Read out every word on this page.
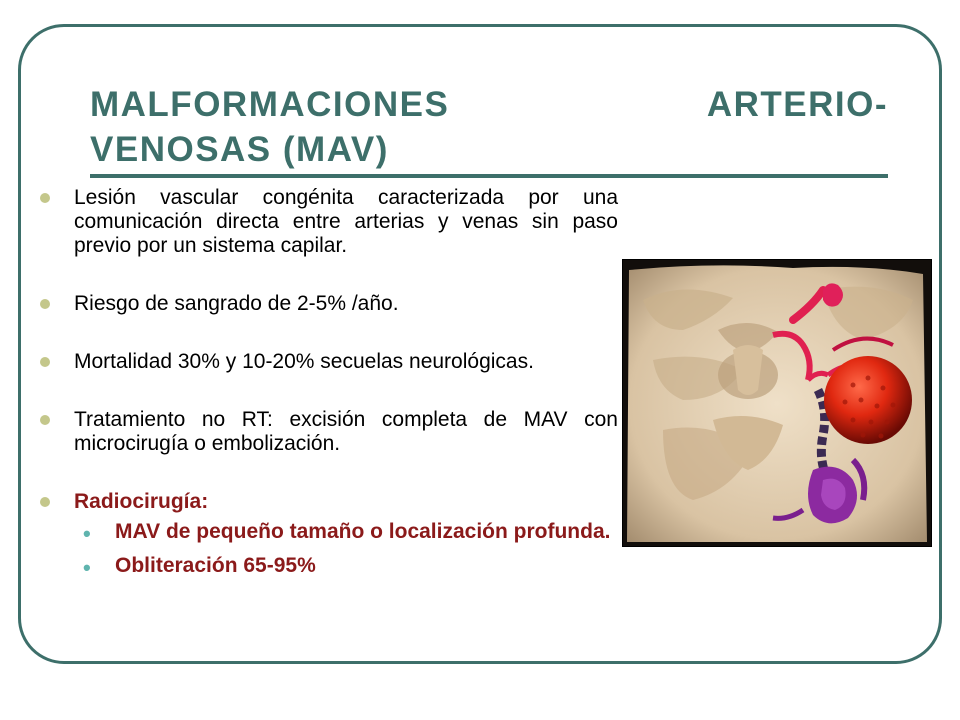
MALFORMACIONES	ARTERIO-
VENOSAS (MAV)
Lesión vascular congénita caracterizada por una comunicación directa entre arterias y venas sin paso previo por un sistema capilar.
Riesgo de sangrado de 2-5% /año.
Mortalidad 30% y 10-20% secuelas neurológicas.
Tratamiento no RT: excisión completa de MAV con microcirugía o embolización.
Radiocirugía:
• MAV de pequeño tamaño o localización profunda.
• Obliteración 65-95%
